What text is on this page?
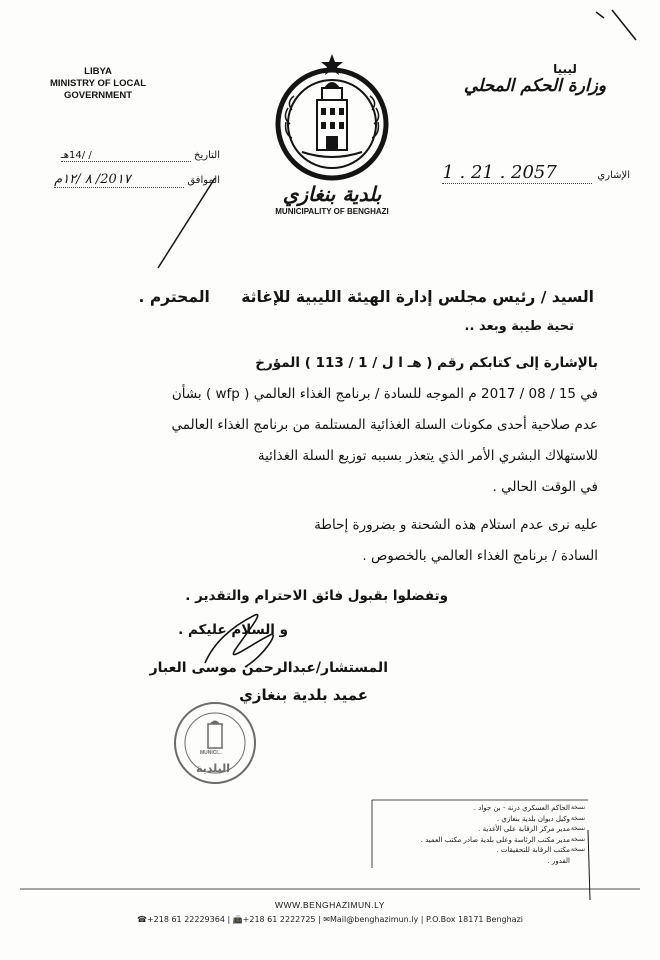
LIBYA
MINISTRY OF LOCAL
GOVERNMENT
ليبيا
وزارة الحكم المحلي
بلدية بنغازي
MUNICIPALITY OF BENGHAZI
التاريخ / /14هـ
الموافق 20١٧/ ٨ /١٢م	الإشاري 1 . 21 . 2057
السيد / رئيس مجلس إدارة الهيئة الليبية للإغاثة المحترم .
تحية طيبة وبعد ..
بالإشارة إلى كتابكم رقم ( هـ ا ل / 1 / 113 ) المؤرخ
في 15 / 08 / 2017 م الموجه للسادة / برنامج الغذاء العالمي ( wfp ) بشأن
عدم صلاحية أحدى مكونات السلة الغذائية المستلمة من برنامج الغذاء العالمي
للاستهلاك البشري الأمر الذي يتعذر بسببه توزيع السلة الغذائية
في الوقت الحالي .
عليه نرى عدم استلام هذه الشحنة و بضرورة إحاطة
السادة / برنامج الغذاء العالمي بالخصوص .
وتفضلوا بقبول فائق الاحترام والتقدير .
و السلام عليكم .
المستشار/عبدالرحمن موسى العبار
عميد بلدية بنغازي
MUNICI...
البلدية
الحاكم العسكري درنة - بن جواد .
وكيل ديوان بلدية بنغازي .
مدير مركز الرقابة على الأغذية .
مدير مكتب الرئاسة وعلى بلدية صادر مكتب العميد .
مكتب الرقابة للتحقيقات .
القدور .
نسخة
نسخة
نسخة
نسخة
نسخة
WWW.BENGHAZIMUN.LY
☎+218 61 22229364 | 📠+218 61 2222725 | ✉Mail@benghazimun.ly | P.O.Box 18171 Benghazi
